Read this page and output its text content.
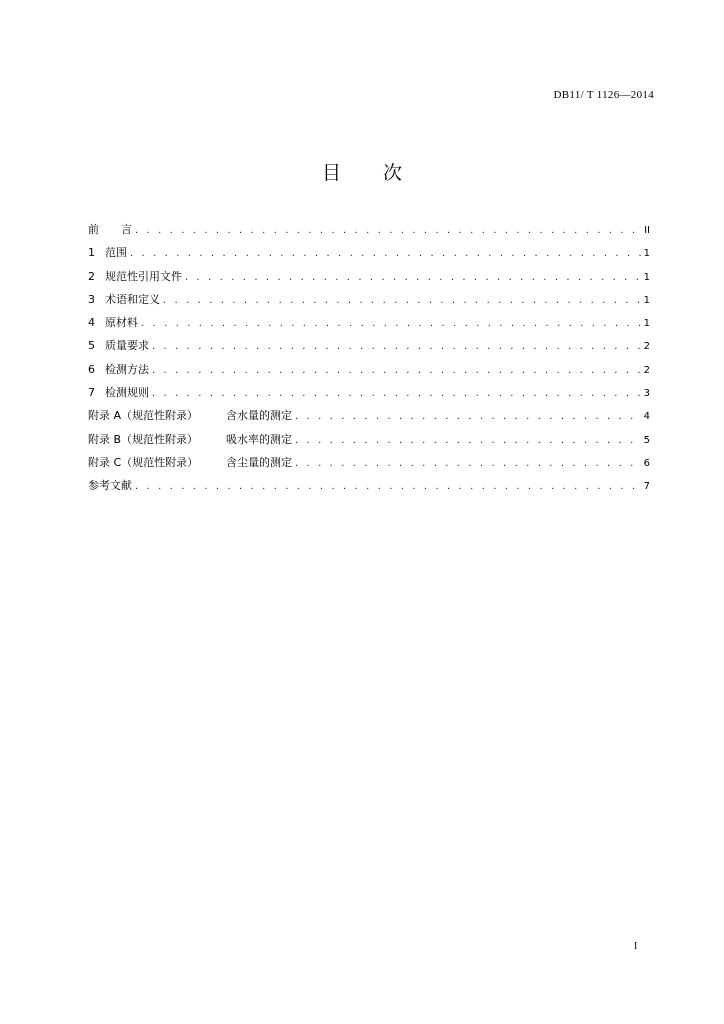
DB11/ T 1126—2014
目 次
前 言 . . .	II
1 范围 . . .	1
2 规范性引用文件 . . .	1
3 术语和定义 . . .	1
4 原材料 . . .	1
5 质量要求 . . .	2
6 检测方法 . . .	2
7 检测规则 . . .	3
附录 A（规范性附录）	含水量的测定 . . .	4
附录 B（规范性附录）	吸水率的测定 . . .	5
附录 C（规范性附录）	含尘量的测定 . . .	6
参考文献 . . .	7
I
